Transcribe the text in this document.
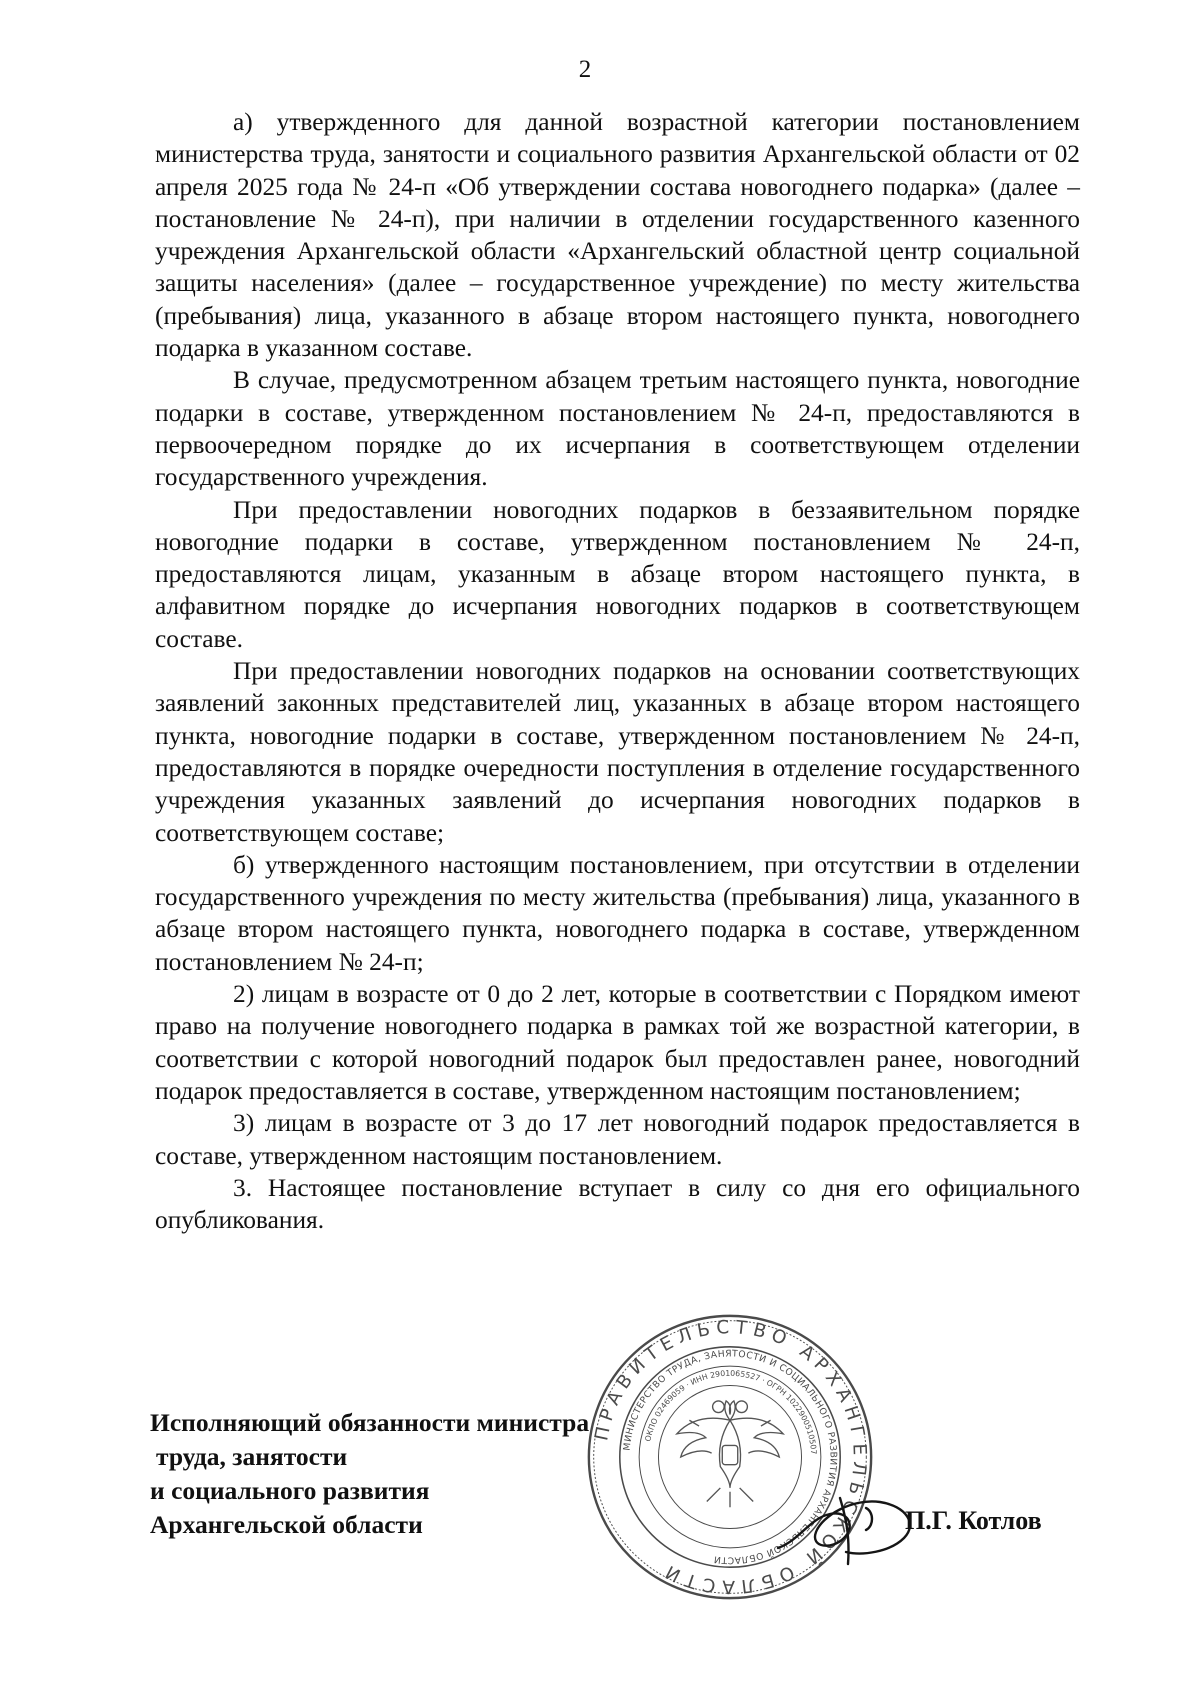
2

а) утвержденного для данной возрастной категории постановлением министерства труда, занятости и социального развития Архангельской области от 02 апреля 2025 года № 24-п «Об утверждении состава новогоднего подарка» (далее – постановление № 24-п), при наличии в отделении государственного казенного учреждения Архангельской области «Архангельский областной центр социальной защиты населения» (далее – государственное учреждение) по месту жительства (пребывания) лица, указанного в абзаце втором настоящего пункта, новогоднего подарка в указанном составе.

В случае, предусмотренном абзацем третьим настоящего пункта, новогодние подарки в составе, утвержденном постановлением № 24-п, предоставляются в первоочередном порядке до их исчерпания в соответствующем отделении государственного учреждения.

При предоставлении новогодних подарков в беззаявительном порядке новогодние подарки в составе, утвержденном постановлением № 24-п, предоставляются лицам, указанным в абзаце втором настоящего пункта, в алфавитном порядке до исчерпания новогодних подарков в соответствующем составе.

При предоставлении новогодних подарков на основании соответствующих заявлений законных представителей лиц, указанных в абзаце втором настоящего пункта, новогодние подарки в составе, утвержденном постановлением № 24-п, предоставляются в порядке очередности поступления в отделение государственного учреждения указанных заявлений до исчерпания новогодних подарков в соответствующем составе;

б) утвержденного настоящим постановлением, при отсутствии в отделении государственного учреждения по месту жительства (пребывания) лица, указанного в абзаце втором настоящего пункта, новогоднего подарка в составе, утвержденном постановлением № 24-п;

2) лицам в возрасте от 0 до 2 лет, которые в соответствии с Порядком имеют право на получение новогоднего подарка в рамках той же возрастной категории, в соответствии с которой новогодний подарок был предоставлен ранее, новогодний подарок предоставляется в составе, утвержденном настоящим постановлением;

3) лицам в возрасте от 3 до 17 лет новогодний подарок предоставляется в составе, утвержденном настоящим постановлением.

3. Настоящее постановление вступает в силу со дня его официального опубликования.

ПРАВИТЕЛЬСТВО АРХАНГЕЛЬСКОЙ ОБЛАСТИ
МИНИСТЕРСТВО ТРУДА, ЗАНЯТОСТИ И СОЦИАЛЬНОГО РАЗВИТИЯ АРХАНГЕЛЬСКОЙ ОБЛАСТИ
ОКПО 02469059 · ИНН 2901065527 · ОГРН 1022900510507
Исполняющий обязанности министра
труда, занятости
и социального развития
Архангельской области	П.Г. Котлов
